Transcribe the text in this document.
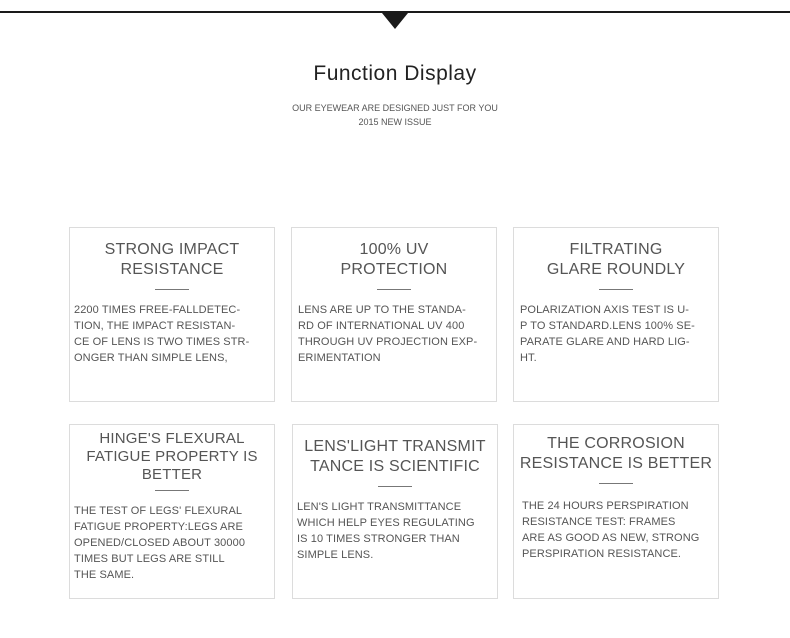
Function Display
OUR EYEWEAR ARE DESIGNED JUST FOR YOU
2015 NEW ISSUE
STRONG IMPACT
RESISTANCE
2200 TIMES FREE-FALLDETEC-
TION, THE IMPACT RESISTAN-
CE OF LENS IS TWO TIMES STR-
ONGER THAN SIMPLE LENS,
100% UV
PROTECTION
LENS ARE UP TO THE STANDA-
RD OF INTERNATIONAL UV 400
THROUGH UV PROJECTION EXP-
ERIMENTATION
FILTRATING
GLARE ROUNDLY
POLARIZATION AXIS TEST IS U-
P TO STANDARD.LENS 100% SE-
PARATE GLARE AND HARD LIG-
HT.
HINGE'S FLEXURAL
FATIGUE PROPERTY IS
BETTER
THE TEST OF LEGS' FLEXURAL
FATIGUE PROPERTY:LEGS ARE
OPENED/CLOSED ABOUT 30000
TIMES BUT LEGS ARE STILL
THE SAME.
LENS'LIGHT TRANSMIT
TANCE IS SCIENTIFIC
LEN'S LIGHT TRANSMITTANCE
WHICH HELP EYES REGULATING
IS 10 TIMES STRONGER THAN
SIMPLE LENS.
THE CORROSION
RESISTANCE IS BETTER
THE 24 HOURS PERSPIRATION
RESISTANCE TEST: FRAMES
ARE AS GOOD AS NEW, STRONG
PERSPIRATION RESISTANCE.
